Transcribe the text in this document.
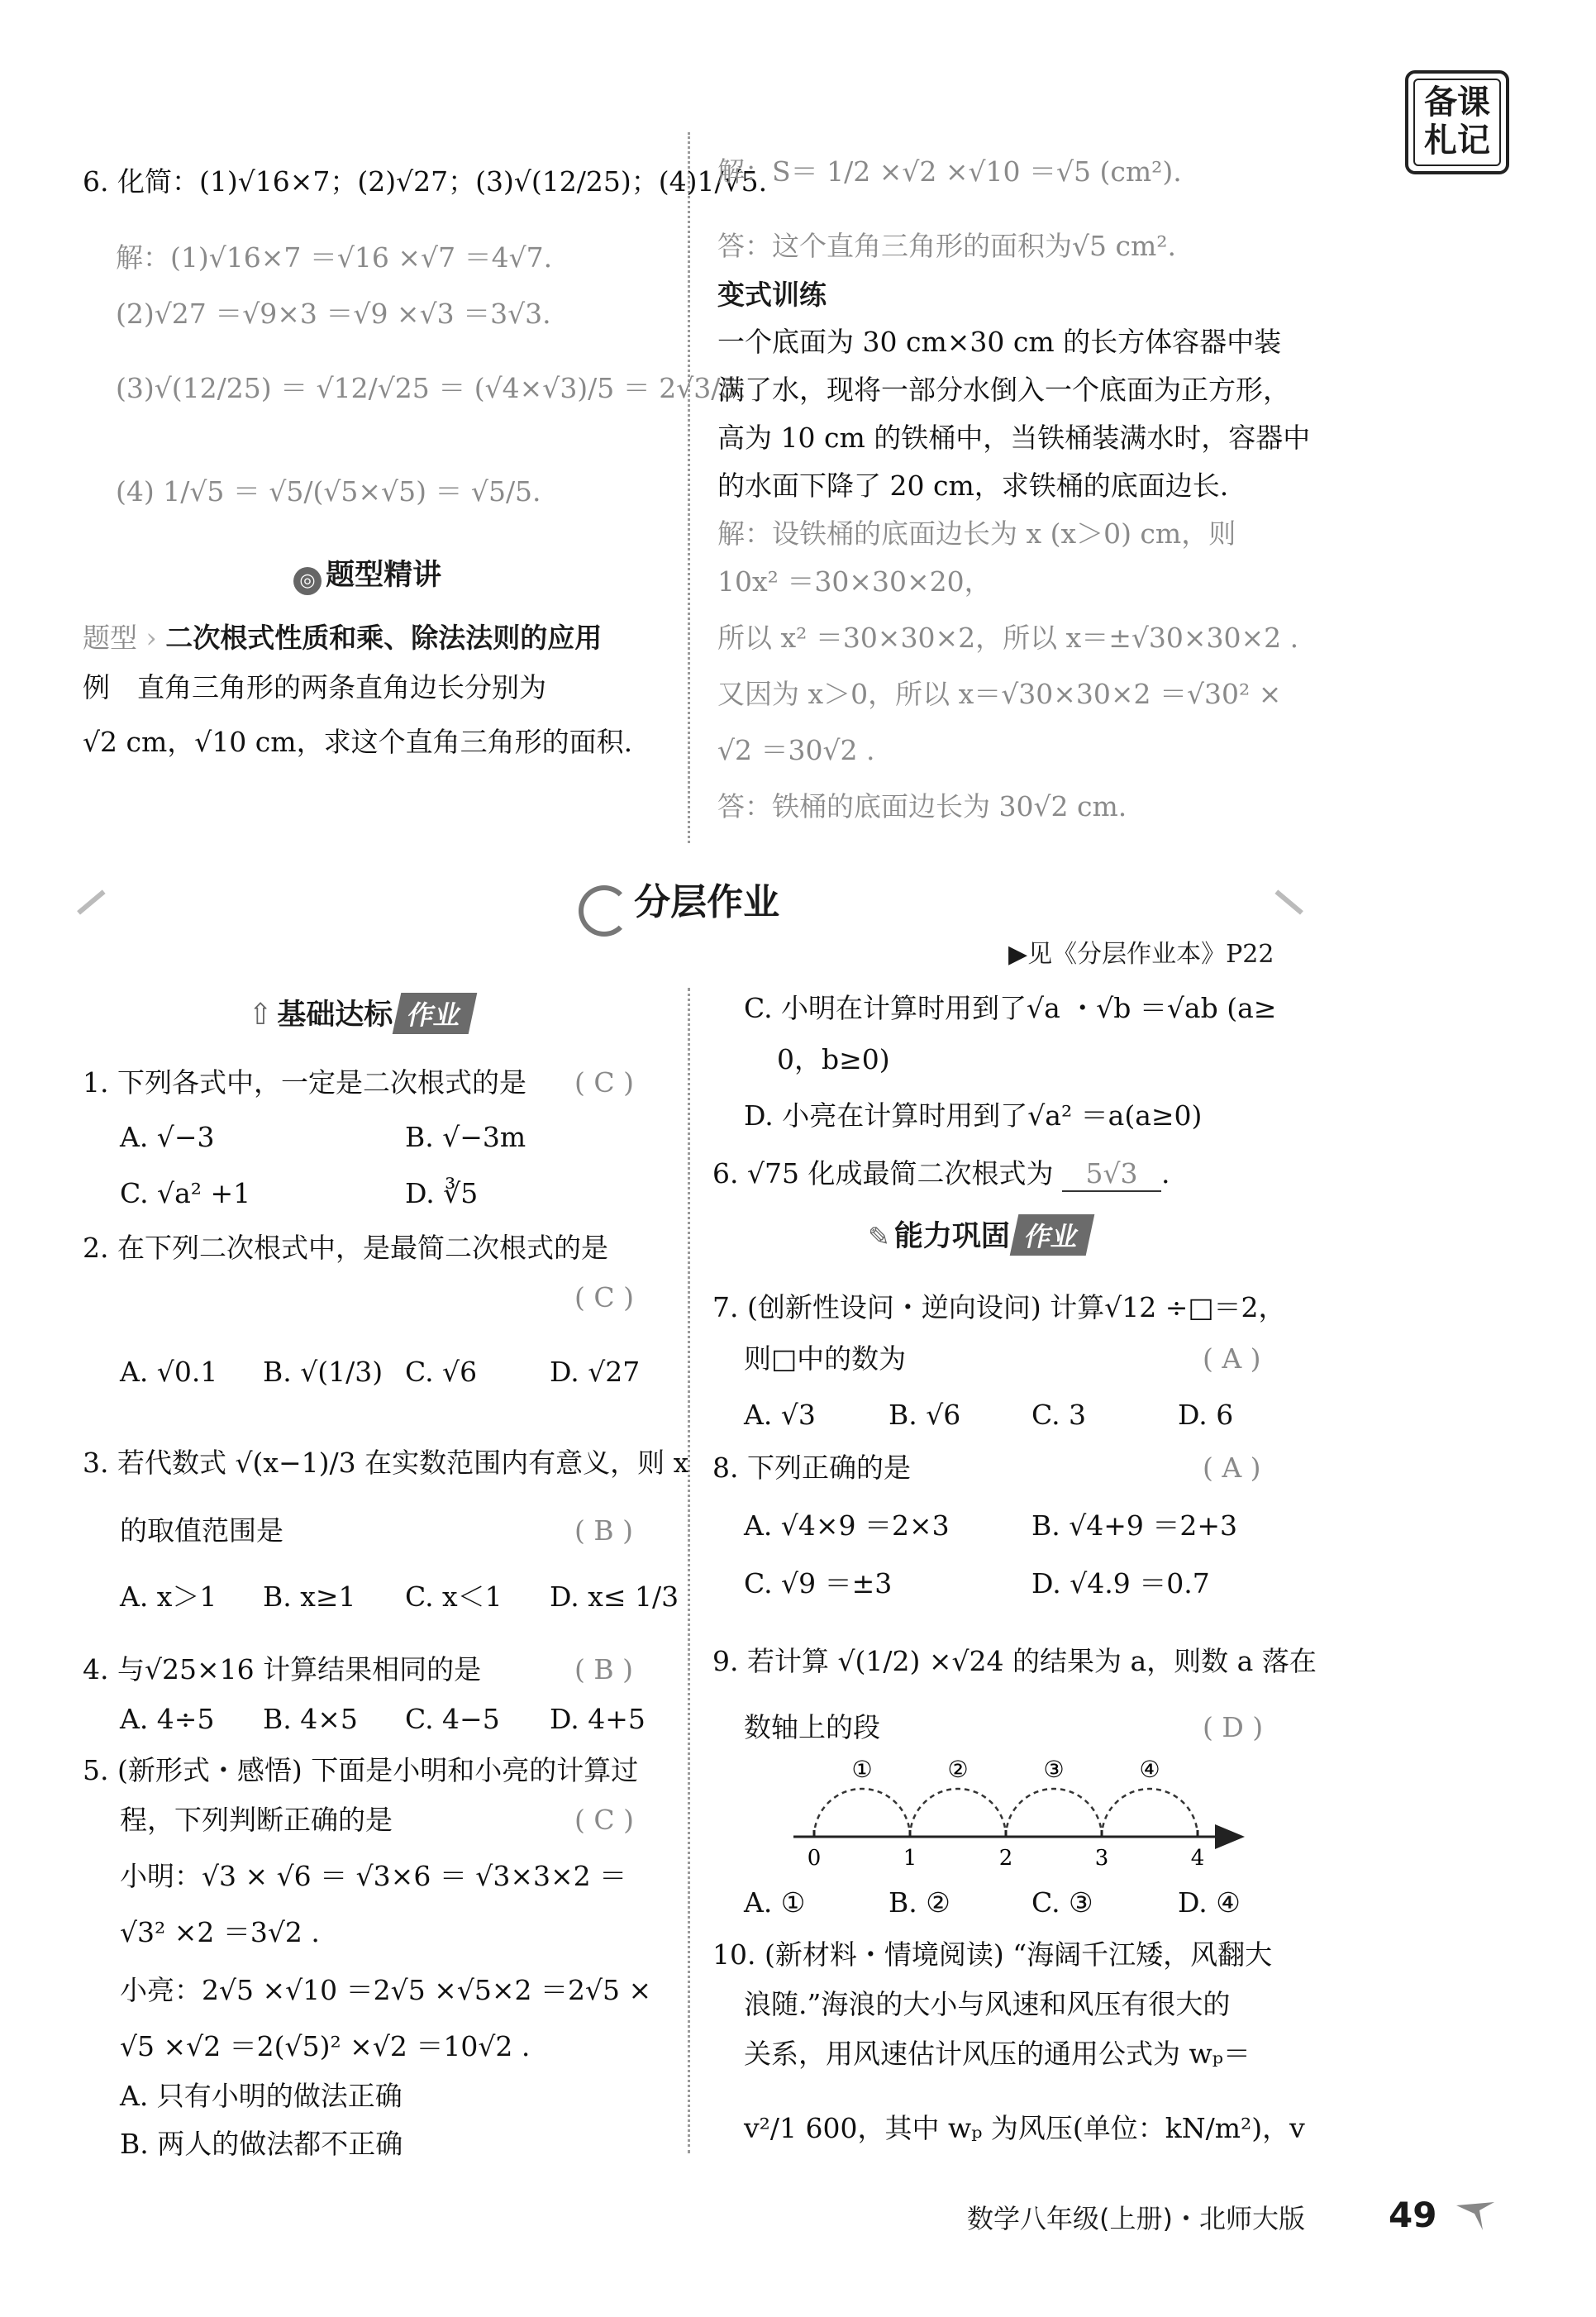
备课札记
6. 化简：(1)√16×7；(2)√27；(3)√(12/25)；(4)1/√5.
解：(1)√16×7 ＝√16 ×√7 ＝4√7.
(2)√27 ＝√9×3 ＝√9 ×√3 ＝3√3.
(3)√(12/25) ＝ √12/√25 ＝ (√4×√3)/5 ＝ 2√3/5.
(4) 1/√5 ＝ √5/(√5×√5) ＝ √5/5.
◎ 题型精讲
题型 › 二次根式性质和乘、除法法则的应用
例　直角三角形的两条直角边长分别为
√2 cm，√10 cm，求这个直角三角形的面积.
解：S＝ 1/2 ×√2 ×√10 ＝√5 (cm²).
答：这个直角三角形的面积为√5 cm².
变式训练
一个底面为 30 cm×30 cm 的长方体容器中装
满了水，现将一部分水倒入一个底面为正方形，
高为 10 cm 的铁桶中，当铁桶装满水时，容器中
的水面下降了 20 cm，求铁桶的底面边长.
解：设铁桶的底面边长为 x (x＞0) cm，则
10x² ＝30×30×20，
所以 x² ＝30×30×2，所以 x＝±√30×30×2 .
又因为 x＞0，所以 x＝√30×30×2 ＝√30² ×
√2 ＝30√2 .
答：铁桶的底面边长为 30√2 cm.
分层作业
▶见《分层作业本》P22
⇧ 基础达标 作业
1. 下列各式中，一定是二次根式的是 ( C )
A. √−3	B. √−3m
C. √a² +1	D. ∛5
2. 在下列二次根式中，是最简二次根式的是
( C )
A. √0.1 B. √(1/3) C. √6	D. √27
3. 若代数式 √(x−1)/3 在实数范围内有意义，则 x
的取值范围是	( B )
A. x＞1 B. x≥1 C. x＜1 D. x≤ 1/3
4. 与√25×16 计算结果相同的是	( B )
A. 4÷5 B. 4×5 C. 4−5 D. 4+5
5. (新形式・感悟) 下面是小明和小亮的计算过
程，下列判断正确的是	( C )
小明：√3 × √6 ＝ √3×6 ＝ √3×3×2 ＝
√3² ×2 ＝3√2 .
小亮：2√5 ×√10 ＝2√5 ×√5×2 ＝2√5 ×
√5 ×√2 ＝2(√5)² ×√2 ＝10√2 .
A. 只有小明的做法正确
B. 两人的做法都不正确
C. 小明在计算时用到了√a ・√b ＝√ab (a≥
0，b≥0)
D. 小亮在计算时用到了√a² ＝a(a≥0)
6. √75 化成最简二次根式为 5√3 .
✎ 能力巩固 作业
7. (创新性设问・逆向设问) 计算√12 ÷□＝2，
则□中的数为	( A )
A. √3	B. √6	C. 3	D. 6
8. 下列正确的是	( A )
A. √4×9 ＝2×3	B. √4+9 ＝2+3
C. √9 ＝±3	D. √4.9 ＝0.7
9. 若计算 √(1/2) ×√24 的结果为 a，则数 a 落在
数轴上的段	( D )
①	②	③	④
0	1	2	3	4
A. ①	B. ②	C. ③	D. ④
10. (新材料・情境阅读) “海阔千江矮，风翻大
浪随.”海浪的大小与风速和风压有很大的
关系，用风速估计风压的通用公式为 wₚ＝
v²/1 600，其中 wₚ 为风压(单位：kN/m²)，v
数学八年级(上册)・北师大版 49
